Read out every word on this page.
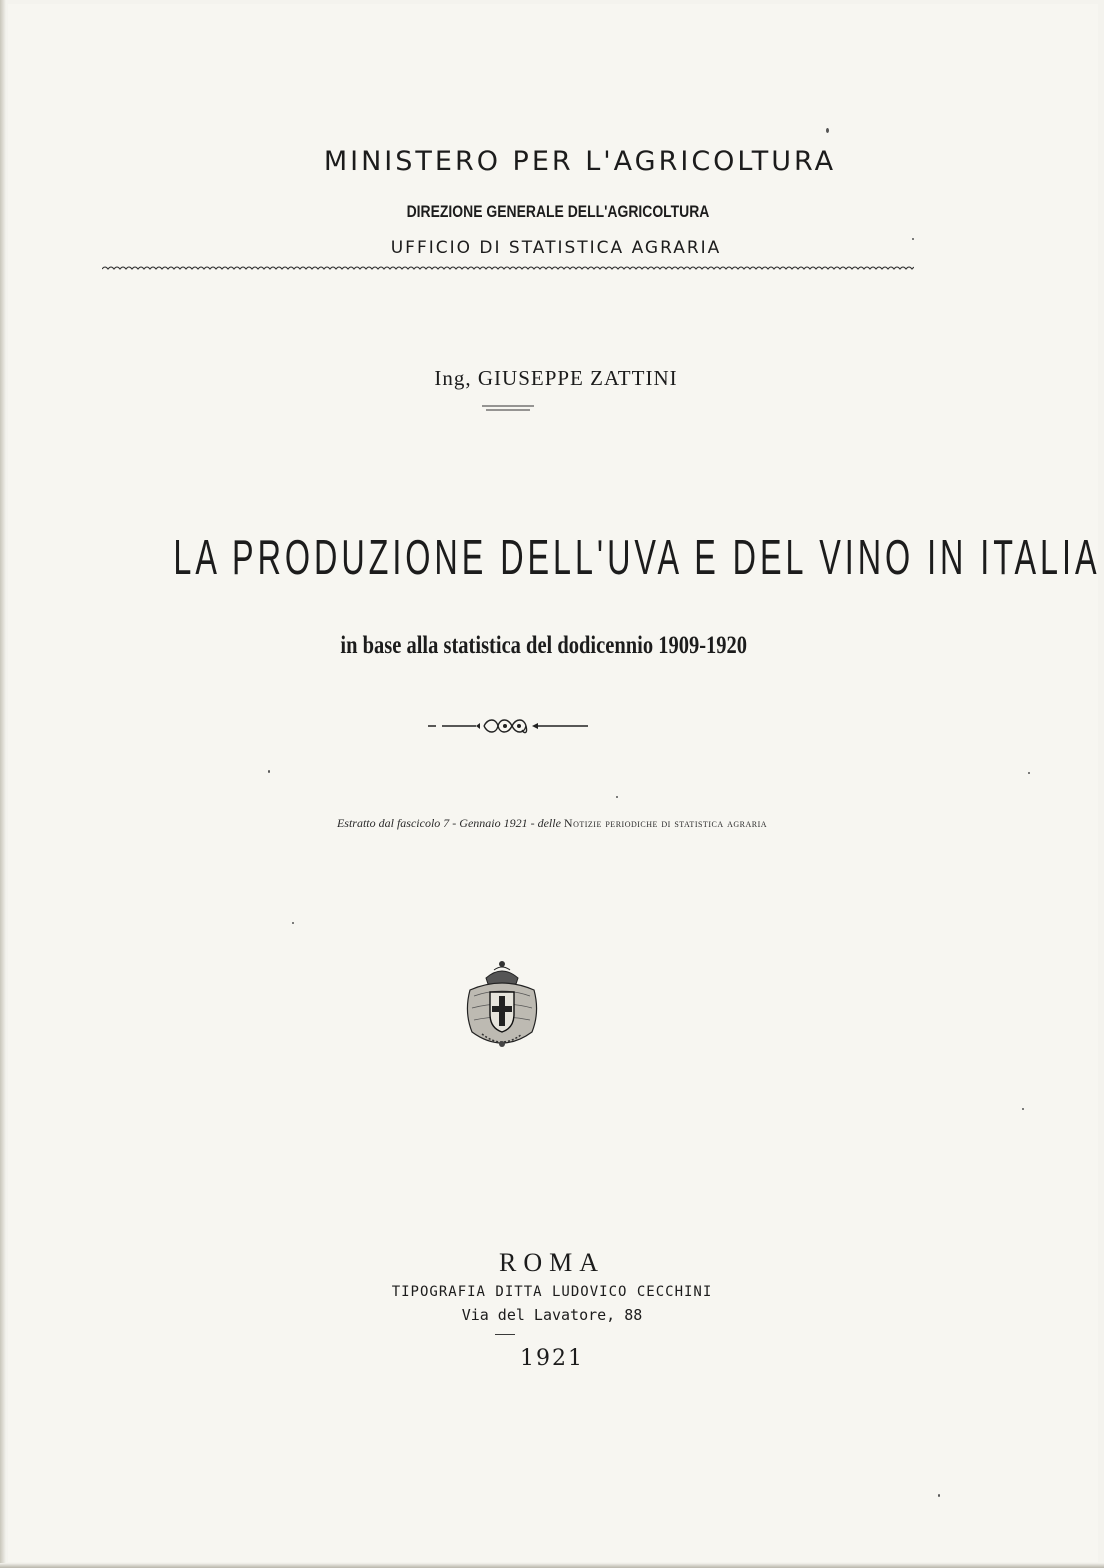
MINISTERO PER L'AGRICOLTURA
DIREZIONE GENERALE DELL'AGRICOLTURA
UFFICIO DI STATISTICA AGRARIA
Ing, GIUSEPPE ZATTINI
LA PRODUZIONE DELL'UVA E DEL VINO IN ITALIA
in base alla statistica del dodicennio 1909-1920
Estratto dal fascicolo 7 - Gennaio 1921 - delle Notizie periodiche di statistica agraria
ROMA
TIPOGRAFIA DITTA LUDOVICO CECCHINI
Via del Lavatore, 88
1921
